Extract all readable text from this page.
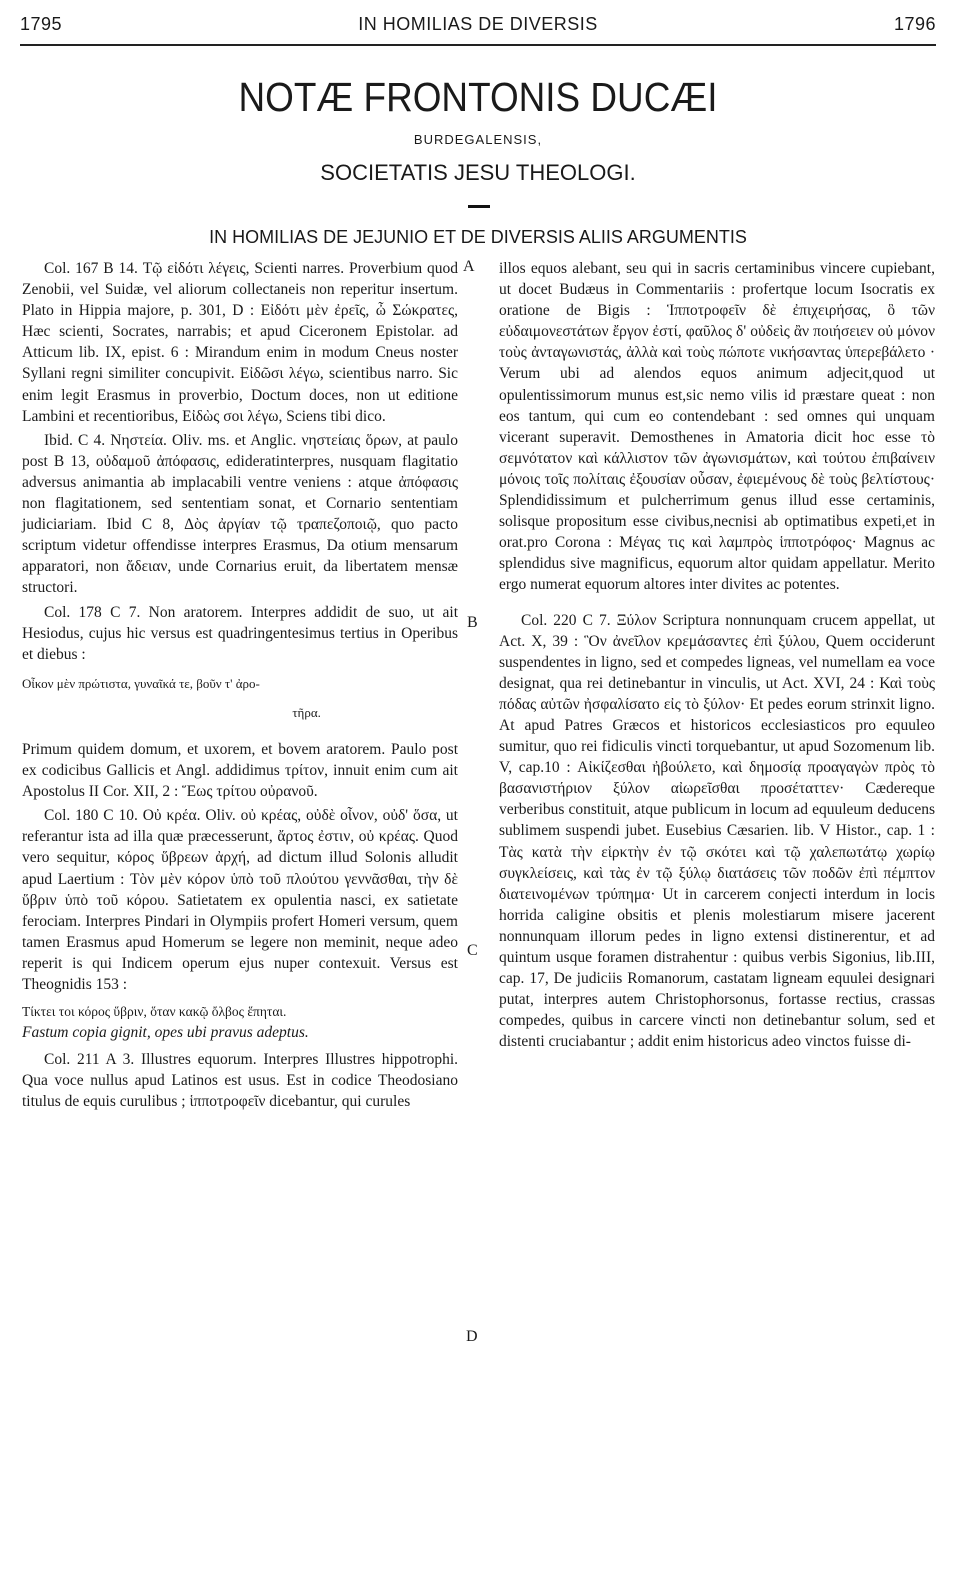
1795	IN HOMILIAS DE DIVERSIS	1796
NOTÆ FRONTONIS DUCÆI
BURDEGALENSIS,
SOCIETATIS JESU THEOLOGI.
IN HOMILIAS DE JEJUNIO ET DE DIVERSIS ALIIS ARGUMENTIS
A
B
C
D

Col. 167 B 14. Τῷ εἰδότι λέγεις, Scienti narres. Proverbium quod Zenobii, vel Suidæ, vel aliorum collectaneis non reperitur insertum. Plato in Hippia majore, p. 301, D : Εἰδότι μὲν ἐρεῖς, ὦ Σώκρατες, Hæc scienti, Socrates, narrabis; et apud Ciceronem Epistolar. ad Atticum lib. IX, epist. 6 : Mirandum enim in modum Cneus noster Syllani regni similiter concupivit. Εἰδῶσι λέγω, scientibus narro. Sic enim legit Erasmus in proverbio, Doctum doces, non ut editione Lambini et recentioribus, Εἰδὼς σοι λέγω, Sciens tibi dico.

Ibid. C 4. Νηστεία. Oliv. ms. et Anglic. νηστείαις ὅρων, at paulo post B 13, οὐδαμοῦ ἀπόφασις, edideratinterpres, nusquam flagitatio adversus animantia ab implacabili ventre veniens : atque ἀπόφασις non flagitationem, sed sententiam sonat, et Cornario sententiam judiciariam. Ibid C 8, Δὸς ἀργίαν τῷ τραπεζοποιῷ, quo pacto scriptum videtur offendisse interpres Erasmus, Da otium mensarum apparatori, non ἄδειαν, unde Cornarius eruit, da libertatem mensæ structori.

Col. 178 C 7. Non aratorem. Interpres addidit de suo, ut ait Hesiodus, cujus hic versus est quadringentesimus tertius in Operibus et diebus :

Οἶκον μὲν πρώτιστα, γυναῖκά τε, βοῦν τ' ἀρο-

τῆρα.

Primum quidem domum, et uxorem, et bovem aratorem. Paulo post ex codicibus Gallicis et Angl. addidimus τρίτον, innuit enim cum ait Apostolus II Cor. XII, 2 : Ἕως τρίτου οὐρανοῦ.

Col. 180 C 10. Οὐ κρέα. Oliv. οὐ κρέας, οὐδὲ οἶνον, οὐδ' ὅσα, ut referantur ista ad illa quæ præcesserunt, ἄρτος ἐστιν, οὐ κρέας. Quod vero sequitur, κόρος ὕβρεων ἀρχή, ad dictum illud Solonis alludit apud Laertium : Τὸν μὲν κόρον ὑπὸ τοῦ πλούτου γεννᾶσθαι, τὴν δὲ ὕβριν ὑπὸ τοῦ κόρου. Satietatem ex opulentia nasci, ex satietate ferociam. Interpres Pindari in Olympiis profert Homeri versum, quem tamen Erasmus apud Homerum se legere non meminit, neque adeo reperit is qui Indicem operum ejus nuper contexuit. Versus est Theognidis 153 :

Τίκτει τοι κόρος ὕβριν, ὅταν κακῷ ὄλβος ἕπηται.

Fastum copia gignit, opes ubi pravus adeptus.

Col. 211 A 3. Illustres equorum. Interpres Illustres hippotrophi. Qua voce nullus apud Latinos est usus. Est in codice Theodosiano titulus de equis curulibus ; ἱπποτροφεῖν dicebantur, qui curules

illos equos alebant, seu qui in sacris certaminibus vincere cupiebant, ut docet Budæus in Commentariis : profertque locum Isocratis ex oratione de Bigis : Ἱπποτροφεῖν δὲ ἐπιχειρήσας, ὃ τῶν εὐδαιμονεστάτων ἔργον ἐστί, φαῦλος δ' οὐδεὶς ἂν ποιήσειεν οὐ μόνον τοὺς ἀνταγωνιστάς, ἀλλὰ καὶ τοὺς πώποτε νικήσαντας ὑπερεβάλετο · Verum ubi ad alendos equos animum adjecit,quod ut opulentissimorum munus est,sic nemo vilis id præstare queat : non eos tantum, qui cum eo contendebant : sed omnes qui unquam vicerant superavit. Demosthenes in Amatoria dicit hoc esse τὸ σεμνότατον καὶ κάλλιστον τῶν ἀγωνισμάτων, καὶ τούτου ἐπιβαίνειν μόνοις τοῖς πολίταις ἐξουσίαν οὖσαν, ἐφιεμένους δὲ τοὺς βελτίστους· Splendidissimum et pulcherrimum genus illud esse certaminis, solisque propositum esse civibus,necnisi ab optimatibus expeti,et in orat.pro Corona : Μέγας τις καὶ λαμπρὸς ἱπποτρόφος· Magnus ac splendidus sive magnificus, equorum altor quidam appellatur. Merito ergo numerat equorum altores inter divites ac potentes.

Col. 220 C 7. Ξύλον Scriptura nonnunquam crucem appellat, ut Act. X, 39 : Ὃν ἀνεῖλον κρεμάσαντες ἐπὶ ξύλου, Quem occiderunt suspendentes in ligno, sed et compedes ligneas, vel numellam ea voce designat, qua rei detinebantur in vinculis, ut Act. XVI, 24 : Καὶ τοὺς πόδας αὐτῶν ἠσφαλίσατο εἰς τὸ ξύλον· Et pedes eorum strinxit ligno. At apud Patres Græcos et historicos ecclesiasticos pro equuleo sumitur, quo rei fidiculis vincti torquebantur, ut apud Sozomenum lib. V, cap.10 : Αἰκίζεσθαι ἠβούλετο, καὶ δημοσίᾳ προαγαγὼν πρὸς τὸ βασανιστήριον ξύλον αἰωρεῖσθαι προσέταττεν· Cædereque verberibus constituit, atque publicum in locum ad equuleum deducens sublimem suspendi jubet. Eusebius Cæsarien. lib. V Histor., cap. 1 : Τὰς κατὰ τὴν εἱρκτὴν ἐν τῷ σκότει καὶ τῷ χαλεπωτάτῳ χωρίῳ συγκλείσεις, καὶ τὰς ἐν τῷ ξύλῳ διατάσεις τῶν ποδῶν ἐπὶ πέμπτον διατεινομένων τρύπημα· Ut in carcerem conjecti interdum in locis horrida caligine obsitis et plenis molestiarum misere jacerent nonnunquam illorum pedes in ligno extensi distinerentur, et ad quintum usque foramen distrahentur : quibus verbis Sigonius, lib.III, cap. 17, De judiciis Romanorum, castatam ligneam equulei designari putat, interpres autem Christophorsonus, fortasse rectius, crassas compedes, quibus in carcere vincti non detinebantur solum, sed et distenti cruciabantur ; addit enim historicus adeo vinctos fuisse di-
